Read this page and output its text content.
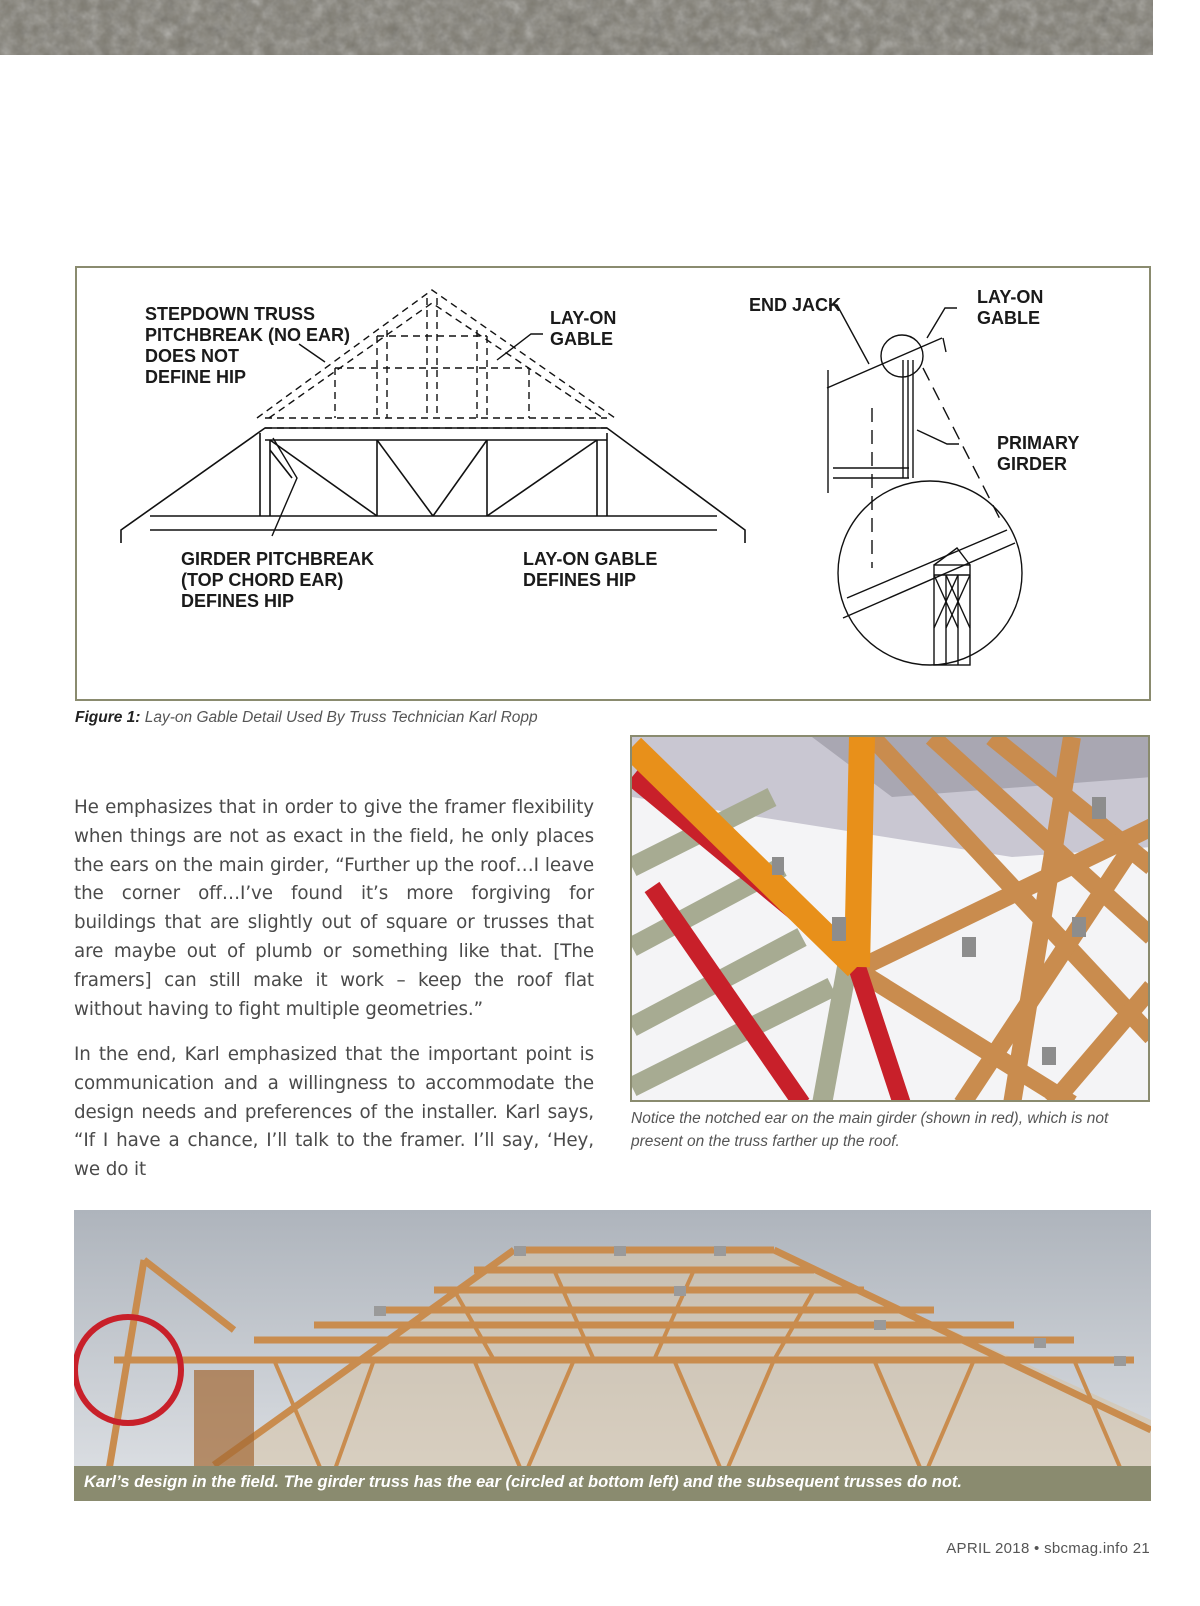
STEPDOWN TRUSS
PITCHBREAK (NO EAR)
DOES NOT
DEFINE HIP
LAY-ON
GABLE
GIRDER PITCHBREAK
(TOP CHORD EAR)
DEFINES HIP
LAY-ON GABLE
DEFINES HIP
END JACK	LAY-ON
GABLE
PRIMARY
GIRDER
Figure 1: Lay-on Gable Detail Used By Truss Technician Karl Ropp
He emphasizes that in order to give the framer flexibility when things are not as exact in the field, he only places the ears on the main girder, “Further up the roof…I leave the corner off…I’ve found it’s more forgiving for buildings that are slightly out of square or trusses that are maybe out of plumb or something like that. [The framers] can still make it work – keep the roof flat without having to fight multiple geometries.”
In the end, Karl emphasized that the important point is communication and a willingness to accommodate the design needs and preferences of the installer. Karl says, “If I have a chance, I’ll talk to the framer. I’ll say, ‘Hey, we do it
Notice the notched ear on the main girder (shown in red), which is not present on the truss farther up the roof.
Karl’s design in the field. The girder truss has the ear (circled at bottom left) and the subsequent trusses do not.
APRIL 2018 • sbcmag.info 21
